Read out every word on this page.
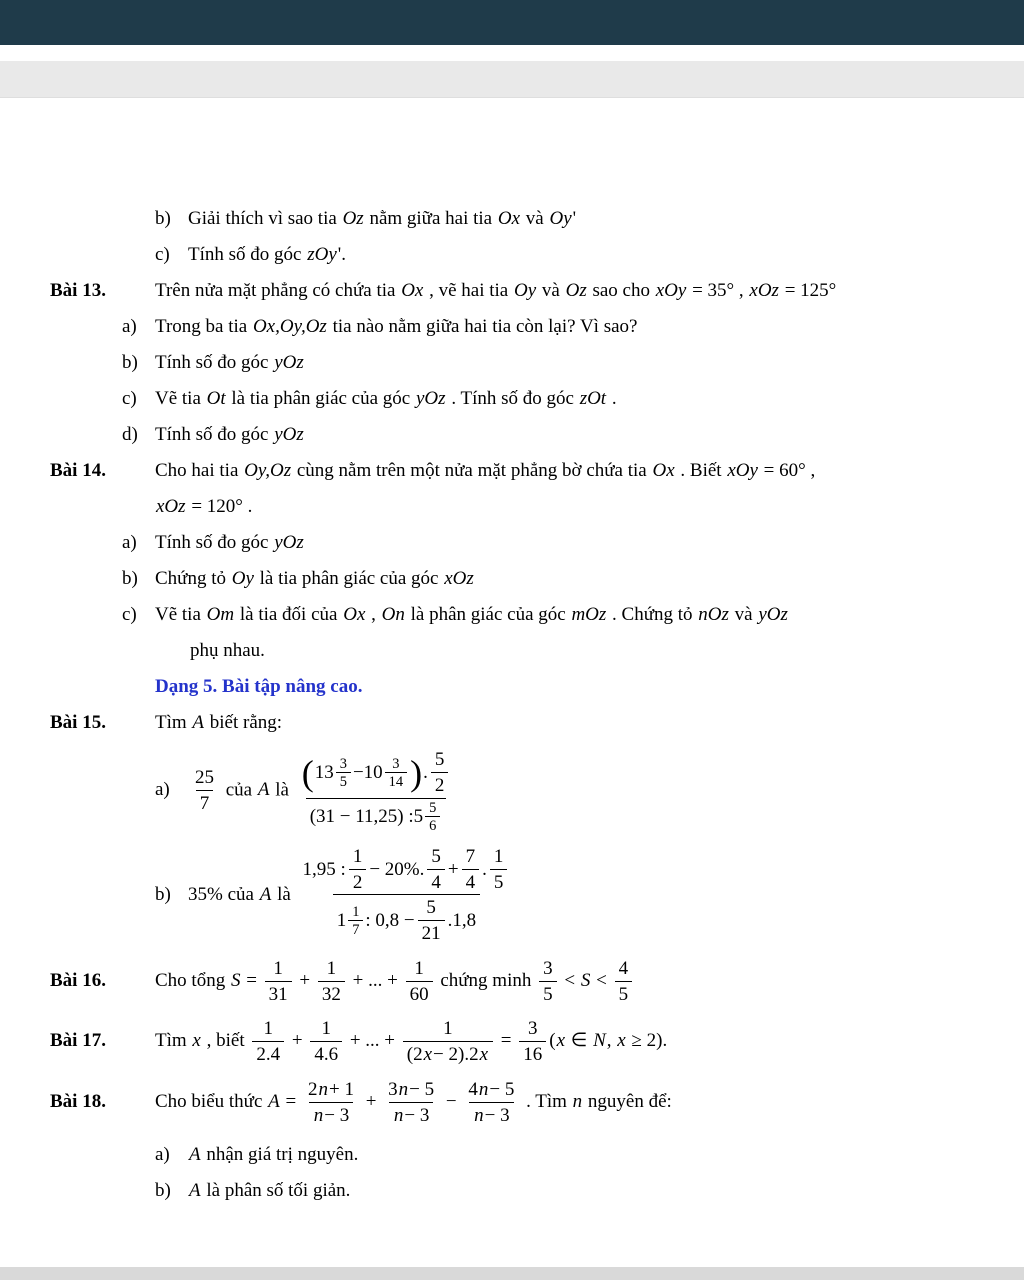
b) Giải thích vì sao tia Oz nằm giữa hai tia Ox và Oy'
c) Tính số đo góc zOy'.
Bài 13.	Trên nửa mặt phẳng có chứa tia Ox , vẽ hai tia Oy và Oz sao cho xOy = 35° , xOz = 125°
a) Trong ba tia Ox,Oy,Oz tia nào nằm giữa hai tia còn lại? Vì sao?
b) Tính số đo góc yOz
c) Vẽ tia Ot là tia phân giác của góc yOz . Tính số đo góc zOt .
d) Tính số đo góc yOz
Bài 14.	Cho hai tia Oy,Oz cùng nằm trên một nửa mặt phẳng bờ chứa tia Ox . Biết xOy = 60° ,
xOz = 120° .
a) Tính số đo góc yOz
b) Chứng tỏ Oy là tia phân giác của góc xOz
c) Vẽ tia Om là tia đối của Ox , On là phân giác của góc mOz . Chứng tỏ nOz và yOz
phụ nhau.
Dạng 5. Bài tập nâng cao.
Bài 15.	Tìm A biết rằng:
$a) \frac{25}{7}$ của A là $\frac{( 13 \frac{3}{5} - 10 \frac{3}{14} ) . \frac{5}{2}}{(31 - 11,25) : 5 \frac{5}{6}}$
b) 35% của A là $\frac{1,95 : \frac{1}{2} - 20\%. \frac{5}{4} + \frac{7}{4} . \frac{1}{5}}{1 \frac{1}{7} : 0,8 - \frac{5}{21} .1,8}$
Bài 16.	Cho tổng $S = \frac{1}{31} + \frac{1}{32}$ + ... + $\frac{1}{60}$ chứng minh $\frac{3}{5} < S < \frac{4}{5}$
Bài 17.	Tìm x , biết $\frac{1}{2.4} + \frac{1}{4.6}$ + ... + $\frac{1}{(2 x - 2).2 x} = \frac{3}{16} (x$ ∈ N, x ≥ 2).
Bài 18.	Cho biểu thức $A = \frac{2 n + 1}{n - 3} + \frac{3 n - 5}{n - 3} - \frac{4 n - 5}{n - 3}$ . Tìm n nguyên để:
a) A nhận giá trị nguyên.
b) A là phân số tối giản.
